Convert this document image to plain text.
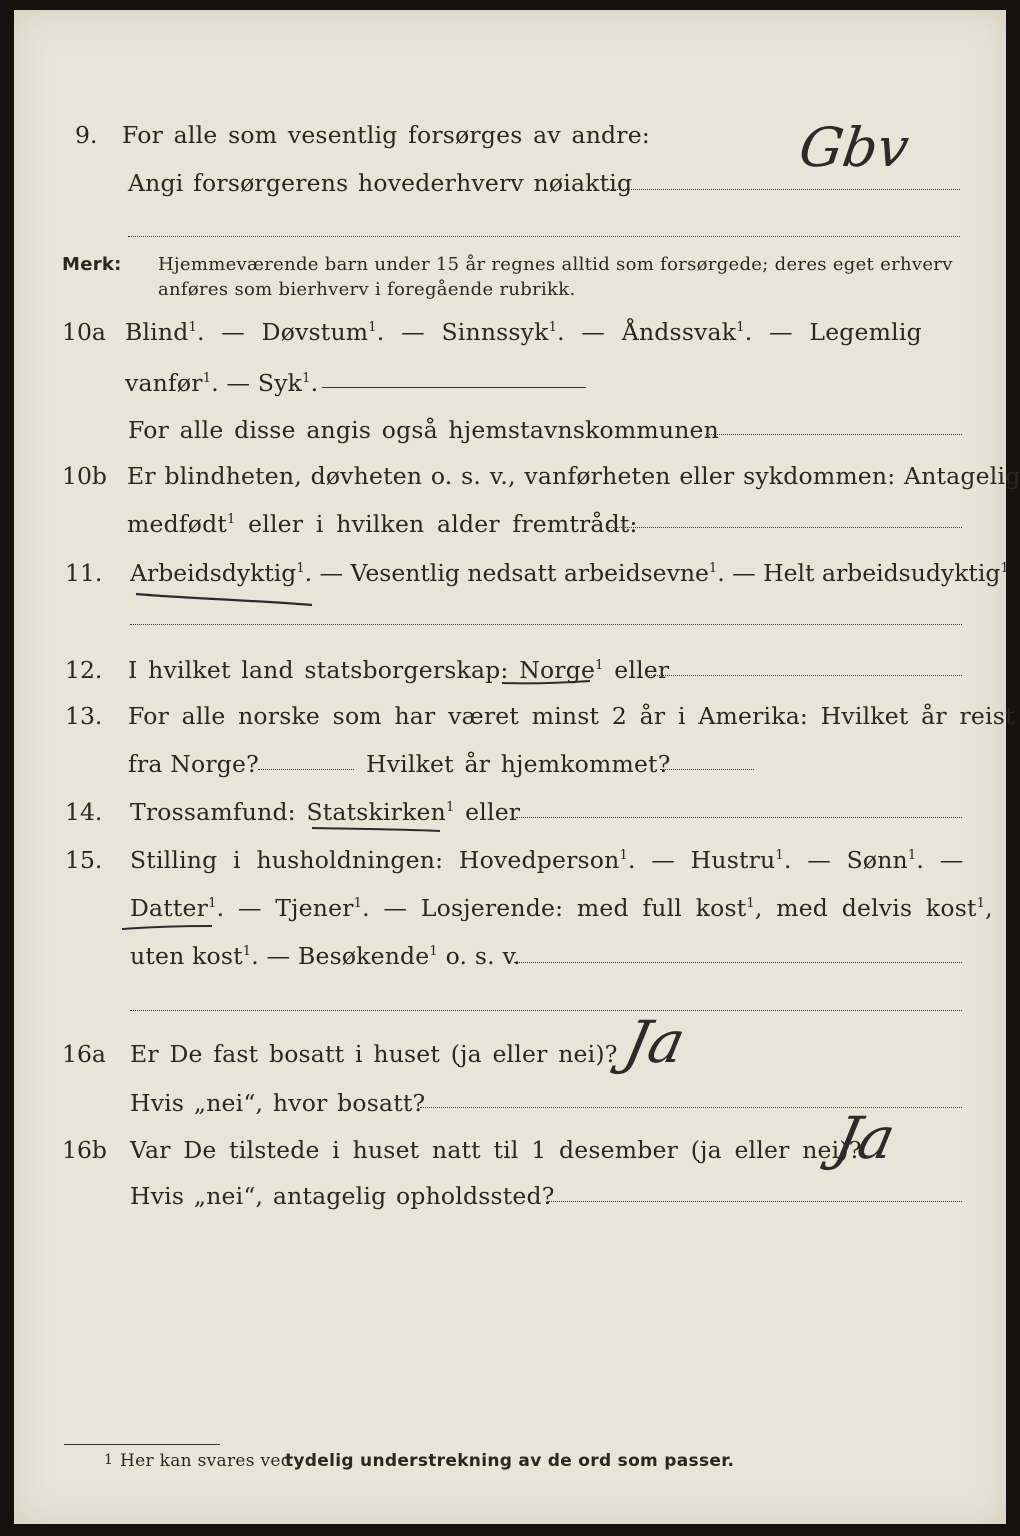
9. For alle som vesentlig forsørges av andre:
Angi forsørgerens hovederhverv nøiaktig
Gbv
Merk: Hjemmeværende barn under 15 år regnes alltid som forsørgede; deres eget erhverv
anføres som bierhverv i foregående rubrikk.
10a Blind$^1$. — Døvstum$^1$. — Sinnssyk$^1$. — Åndssvak$^1$. — Legemlig
vanfør$^1$. — Syk$^1$.
For alle disse angis også hjemstavnskommunen
10b Er blindheten, døvheten o. s. v., vanførheten eller sykdommen: Antagelig
medfødt$^1$ eller i hvilken alder fremtrådt:
11. Arbeidsdyktig$^1$. — Vesentlig nedsatt arbeidsevne$^1$. — Helt arbeidsudyktig$^1$
12. I hvilket land statsborgerskap: Norge$^1$ eller
13. For alle norske som har været minst 2 år i Amerika: Hvilket år reist
fra Norge?	Hvilket år hjemkommet?
14. Trossamfund: Statskirken$^1$ eller
15. Stilling i husholdningen: Hovedperson$^1$. — Hustru$^1$. — Sønn$^1$. —
Datter$^1$. — Tjener$^1$. — Losjerende: med full kost$^1$, med delvis kost$^1$,
uten kost$^1$. — Besøkende$^1$ o. s. v.
16a Er De fast bosatt i huset (ja eller nei)? Ja
Hvis „nei“, hvor bosatt?
16b Var De tilstede i huset natt til 1 desember (ja eller nei)?
Ja
Hvis „nei“, antagelig opholdssted?
1 Her kan svares ved
tydelig understrekning av de ord som passer.
